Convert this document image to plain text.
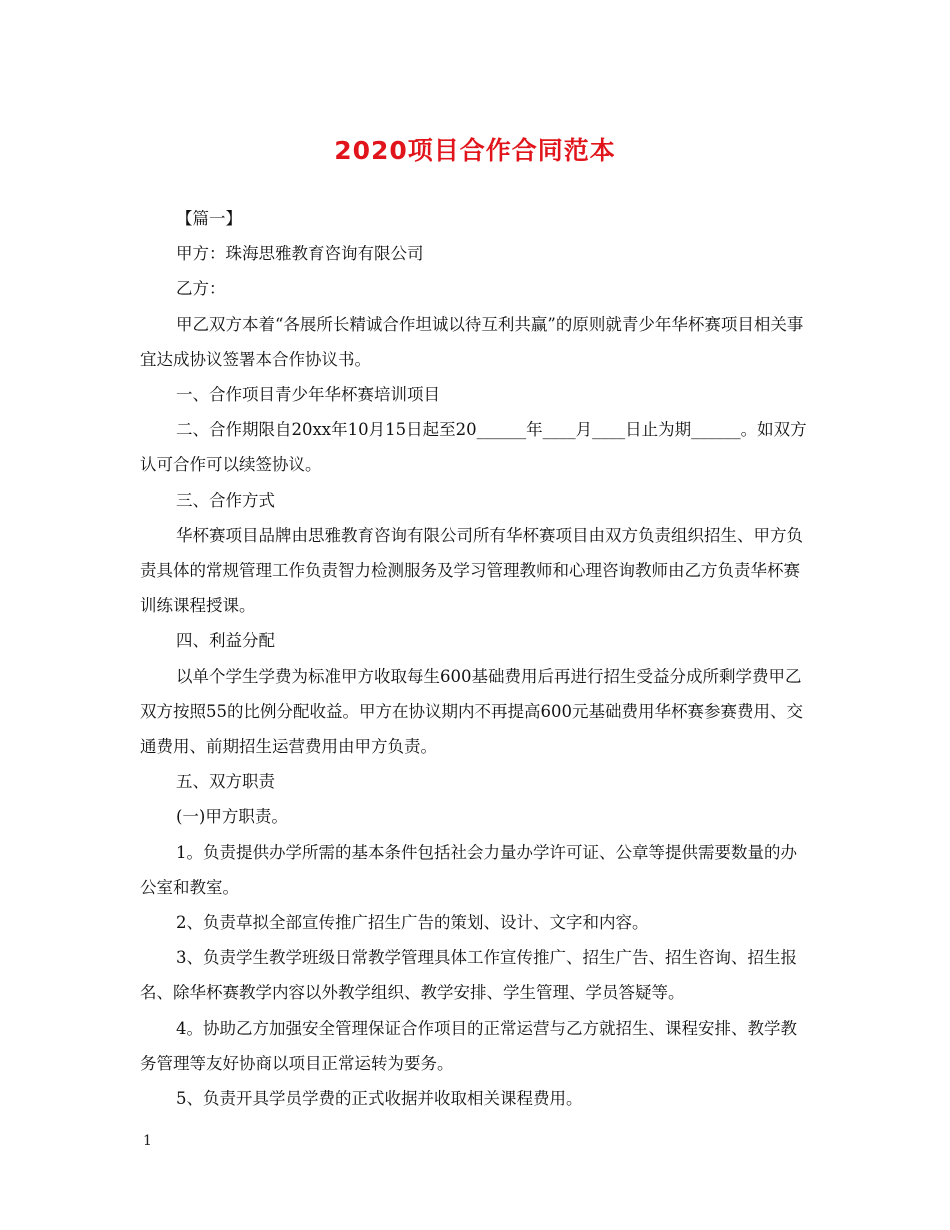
2020项目合作合同范本

【篇一】

甲方：珠海思雅教育咨询有限公司

乙方：

甲乙双方本着“各展所长精诚合作坦诚以待互利共赢”的原则就青少年华杯赛项目相关事宜达成协议签署本合作协议书。

一、合作项目青少年华杯赛培训项目

二、合作期限自20xx年10月15日起至20______年____月____日止为期______。如双方认可合作可以续签协议。

三、合作方式

华杯赛项目品牌由思雅教育咨询有限公司所有华杯赛项目由双方负责组织招生、甲方负责具体的常规管理工作负责智力检测服务及学习管理教师和心理咨询教师由乙方负责华杯赛训练课程授课。

四、利益分配

以单个学生学费为标准甲方收取每生600基础费用后再进行招生受益分成所剩学费甲乙双方按照55的比例分配收益。甲方在协议期内不再提高600元基础费用华杯赛参赛费用、交通费用、前期招生运营费用由甲方负责。

五、双方职责

(一)甲方职责。

1。负责提供办学所需的基本条件包括社会力量办学许可证、公章等提供需要数量的办公室和教室。

2、负责草拟全部宣传推广招生广告的策划、设计、文字和内容。

3、负责学生教学班级日常教学管理具体工作宣传推广、招生广告、招生咨询、招生报名、除华杯赛教学内容以外教学组织、教学安排、学生管理、学员答疑等。

4。协助乙方加强安全管理保证合作项目的正常运营与乙方就招生、课程安排、教学教务管理等友好协商以项目正常运转为要务。

5、负责开具学员学费的正式收据并收取相关课程费用。

1
